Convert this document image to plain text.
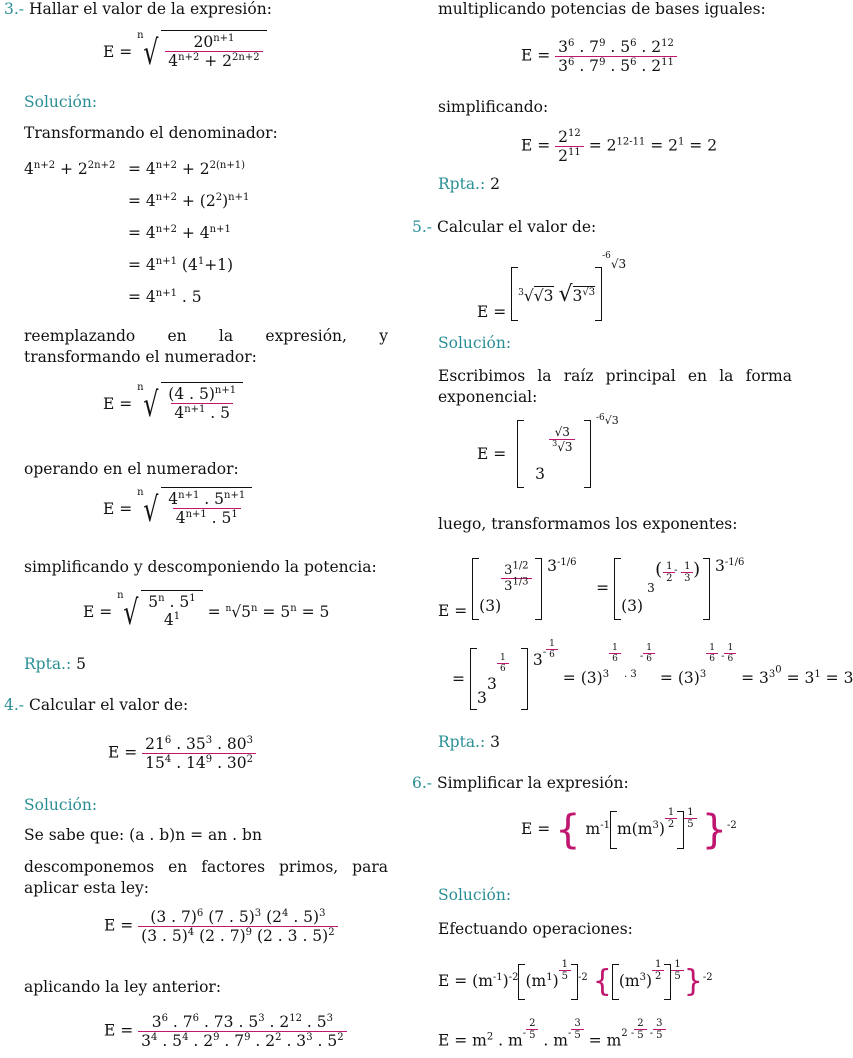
3.- Hallar el valor de la expresión:
E =
n √ $\frac{20^{n+1}}{4^{n+2} + 2^{2n+2}}$
Solución:
Transformando el denominador:
$4^{n+2} + 2^{2n+2} = 4^{n+2} + 2^{2(n+1)}$
= $4^{n+2} + (2^2)^{n+1}$
= $4^{n+2} + 4^{n+1}$
= $4^{n+1}$ $(4^1+1)$
= $4^{n+1}$ . 5
reemplazando en la expresión, y transformando el numerador:
E =
n √ $\frac{(4 . 5)^{n+1}}{4^{n+1} . 5}$
operando en el numerador:
E =
n √ $\frac{4^{n+1} . 5^{n+1}}{4^{n+1} . 5^1}$
simplificando y descomponiendo la potencia:
E =
n √ 5$^n$ . $5^1$
$4^1 = ^n√5^n = 5^n = 5$
Rpta.: 5
4.- Calcular el valor de:
$E = \frac{21^6 . 35^3 . 80^3}{15^4 . 14^9 . 30^2}$
Solución:
Se sabe que: (a . b)n = an . bn
descomponemos en factores primos, para aplicar esta ley:
$E = \frac{(3 . 7)^6 (7 . 5)^3 (2^4 . 5)^3}{(3 . 5)^4 (2 . 7)^9 (2 . 3 . 5)^2}$
aplicando la ley anterior:
$E = \frac{3^6 . 7^6 . 73 . 5^3 . 2^{12} . 5^3}{3^4 . 5^4 . 2^9 . 7^9 . 2^2 . 3^3 . 5^2}$
multiplicando potencias de bases iguales:
$E = \frac{3^6 . 7^9 . 5^6 . 2^{12}}{3^6 . 7^9 . 5^6 . 2^{11}}$
simplificando:
$E = \frac{2^{12}}{2^{11}} = 2^{12-11} = 2^1 = 2$
Rpta.: 2
5.- Calcular el valor de:
E = $^3$√√3 $√3^{√3-6√3}$
Solución:
Escribimos la raíz principal en la forma exponencial:
E =
√3
$^3$√3
3
$^{-6√3}$
luego, transformamos los exponentes:
E = (3)
$3^{1/2}$
$3^{1/3}$
$3^{-1/6}$    =
(3)
3
( 1
2
- 1
3 ) $3^{-1/6}$
=
3
3
1
6 $3^- \frac{1}{6}$
= $(3)^3$
$\frac{1}{6}$
$^{. 3}$ $^- \frac{1}{6}$
= $(3)^3$
$\frac{1}{6} ^- \frac{1}{6}$
= $3^{3^0} = 3^1 = 3$
Rpta.: 3
6.- Simplificar la expresión:
E = { $m^{-1}$ $m(m^3) \frac{1}{2} \frac{1}{5} \}^{-2}$
Solución:
Efectuando operaciones:
$E = (m^{-1})^{-2}$ $(m^1) \frac{1}{5} ^{-2}$ { $(m^3) \frac{1}{2} \frac{1}{5} \}^{-2}$
$E = m^2$ . $m^- \frac{2}{5}$ . $m^- \frac{3}{5} = m^{2 -} \frac{2}{5} ^- \frac{3}{5}$
